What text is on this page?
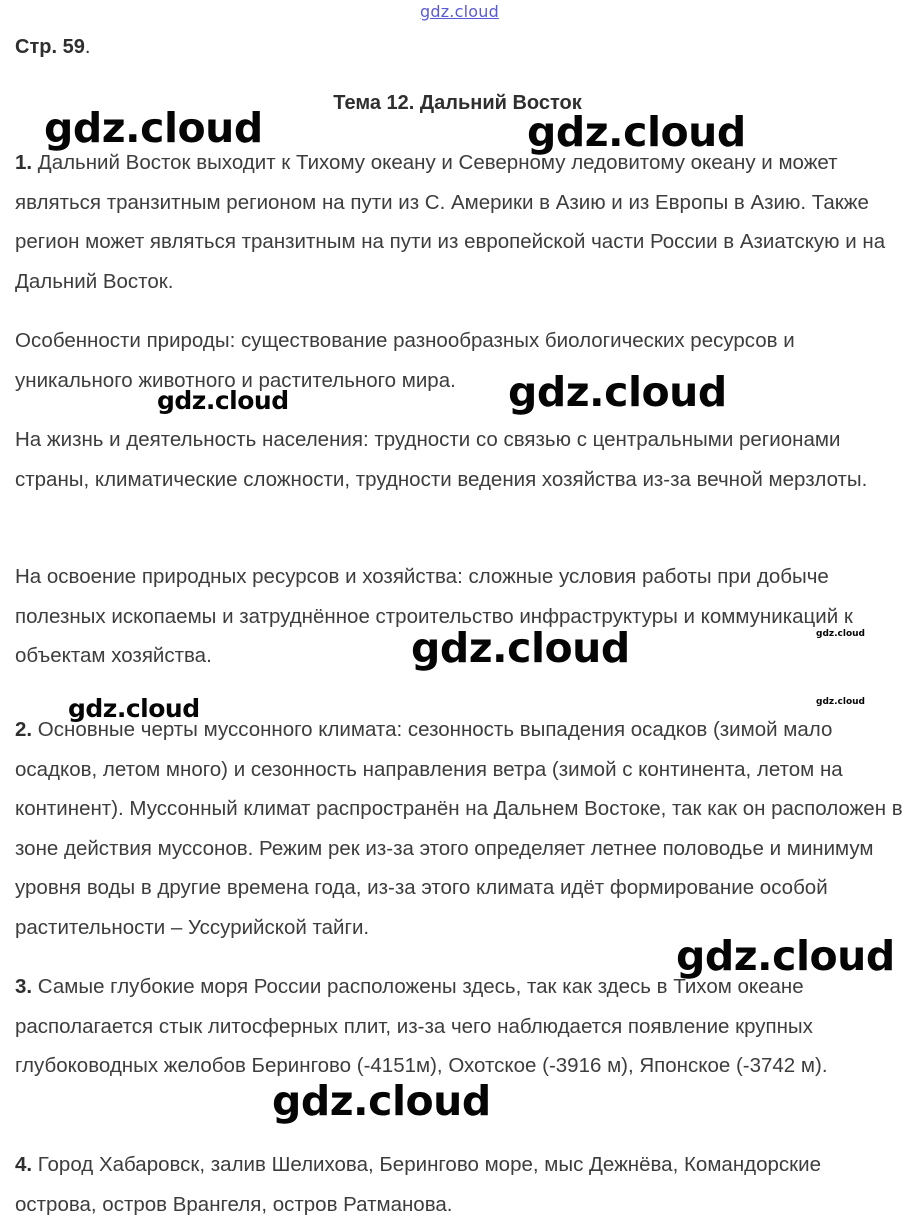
gdz.cloud
Стр. 59.
Тема 12. Дальний Восток

1. Дальний Восток выходит к Тихому океану и Северному ледовитому океану и может являться транзитным регионом на пути из С. Америки в Азию и из Европы в Азию. Также регион может являться транзитным на пути из европейской части России в Азиатскую и на Дальний Восток.

Особенности природы: существование разнообразных биологических ресурсов и уникального животного и растительного мира.

На жизнь и деятельность населения: трудности со связью с центральными регионами страны, климатические сложности, трудности ведения хозяйства из-за вечной мерзлоты.

На освоение природных ресурсов и хозяйства: сложные условия работы при добыче полезных ископаемы и затруднённое строительство инфраструктуры и коммуникаций к объектам хозяйства.

2. Основные черты муссонного климата: сезонность выпадения осадков (зимой мало осадков, летом много) и сезонность направления ветра (зимой с континента, летом на континент). Муссонный климат распространён на Дальнем Востоке, так как он расположен в зоне действия муссонов. Режим рек из-за этого определяет летнее половодье и минимум уровня воды в другие времена года, из-за этого климата идёт формирование особой растительности – Уссурийской тайги.

3. Самые глубокие моря России расположены здесь, так как здесь в Тихом океане располагается стык литосферных плит, из-за чего наблюдается появление крупных глубоководных желобов Берингово (-4151м), Охотское (-3916 м), Японское (-3742 м).

4. Город Хабаровск, залив Шелихова, Берингово море, мыс Дежнёва, Командорские острова, остров Врангеля, остров Ратманова.

gdz.cloud	gdz.cloud
gdz.cloud
gdz.cloud
gdz.cloud	gdz.cloud
gdz.cloud
gdz.cloud
gdz.cloud
gdz.cloud
